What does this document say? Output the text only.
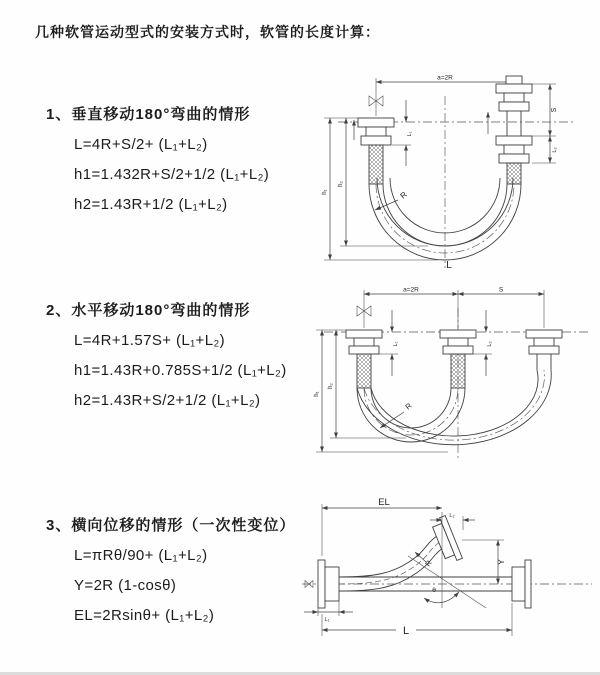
几种软管运动型式的安装方式时，软管的长度计算：
1、垂直移动180°弯曲的情形
L=4R+S/2+ (L₁+L₂)
h1=1.432R+S/2+1/2 (L₁+L₂)
h2=1.43R+1/2 (L₁+L₂)
2、水平移动180°弯曲的情形
L=4R+1.57S+ (L₁+L₂)
h1=1.43R+0.785S+1/2 (L₁+L₂)
h2=1.43R+S/2+1/2 (L₁+L₂)
3、横向位移的情形（一次性变位）
L=πRθ/90+ (L₁+L₂)
Y=2R (1-cosθ)
EL=2Rsinθ+ (L₁+L₂)
a=2R
L₁
S
L₂
h₂
h₁	R
L
a=2R	S
L₁	L₂
h₂
h₁
R
θ
R
EL
L₂
Y
L₁
L
